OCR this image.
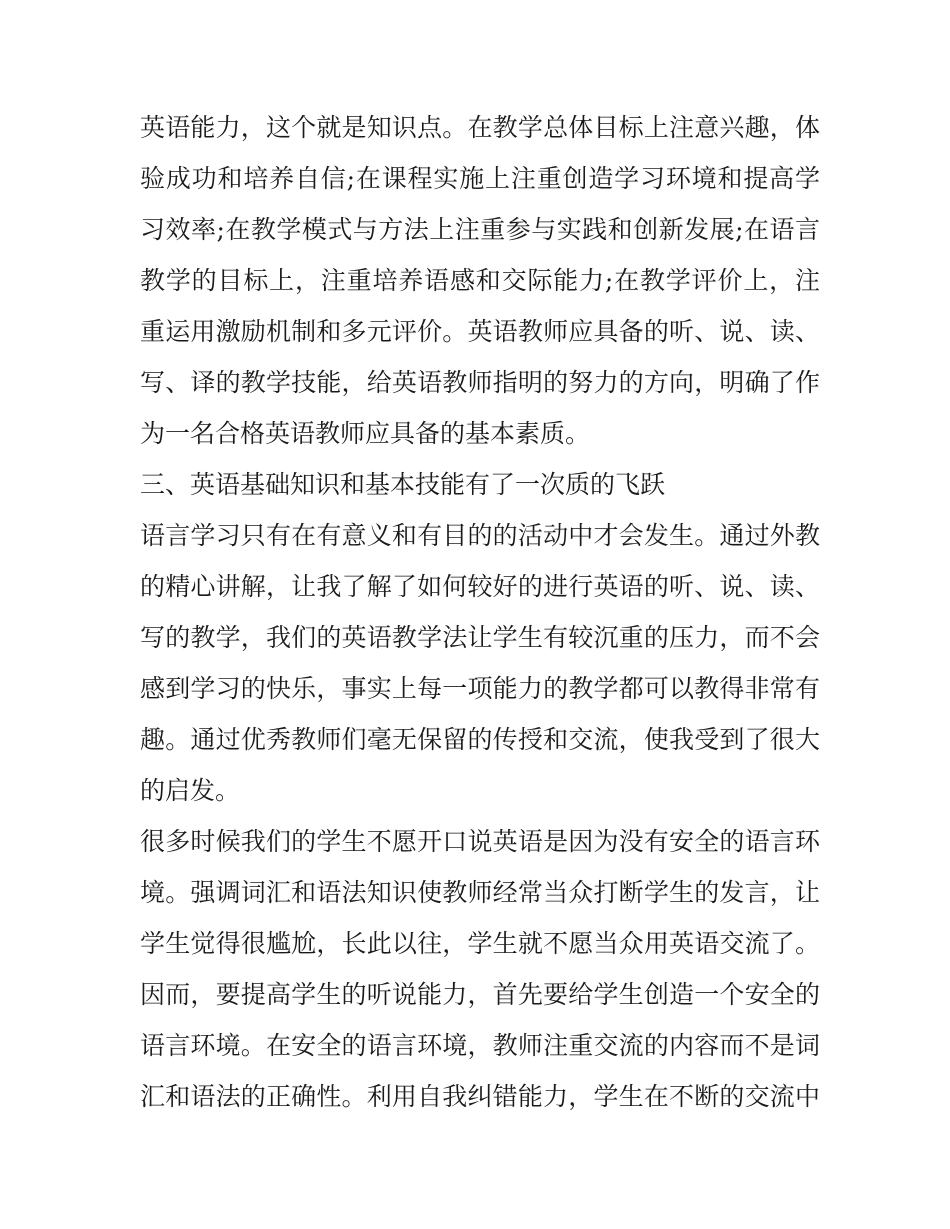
英语能力，这个就是知识点。在教学总体目标上注意兴趣，体
验成功和培养自信;在课程实施上注重创造学习环境和提高学
习效率;在教学模式与方法上注重参与实践和创新发展;在语言
教学的目标上，注重培养语感和交际能力;在教学评价上，注
重运用激励机制和多元评价。英语教师应具备的听、说、读、
写、译的教学技能，给英语教师指明的努力的方向，明确了作
为一名合格英语教师应具备的基本素质。
三、英语基础知识和基本技能有了一次质的飞跃
语言学习只有在有意义和有目的的活动中才会发生。通过外教
的精心讲解，让我了解了如何较好的进行英语的听、说、读、
写的教学，我们的英语教学法让学生有较沉重的压力，而不会
感到学习的快乐，事实上每一项能力的教学都可以教得非常有
趣。通过优秀教师们毫无保留的传授和交流，使我受到了很大
的启发。
很多时候我们的学生不愿开口说英语是因为没有安全的语言环
境。强调词汇和语法知识使教师经常当众打断学生的发言，让
学生觉得很尴尬，长此以往，学生就不愿当众用英语交流了。
因而，要提高学生的听说能力，首先要给学生创造一个安全的
语言环境。在安全的语言环境，教师注重交流的内容而不是词
汇和语法的正确性。利用自我纠错能力，学生在不断的交流中
